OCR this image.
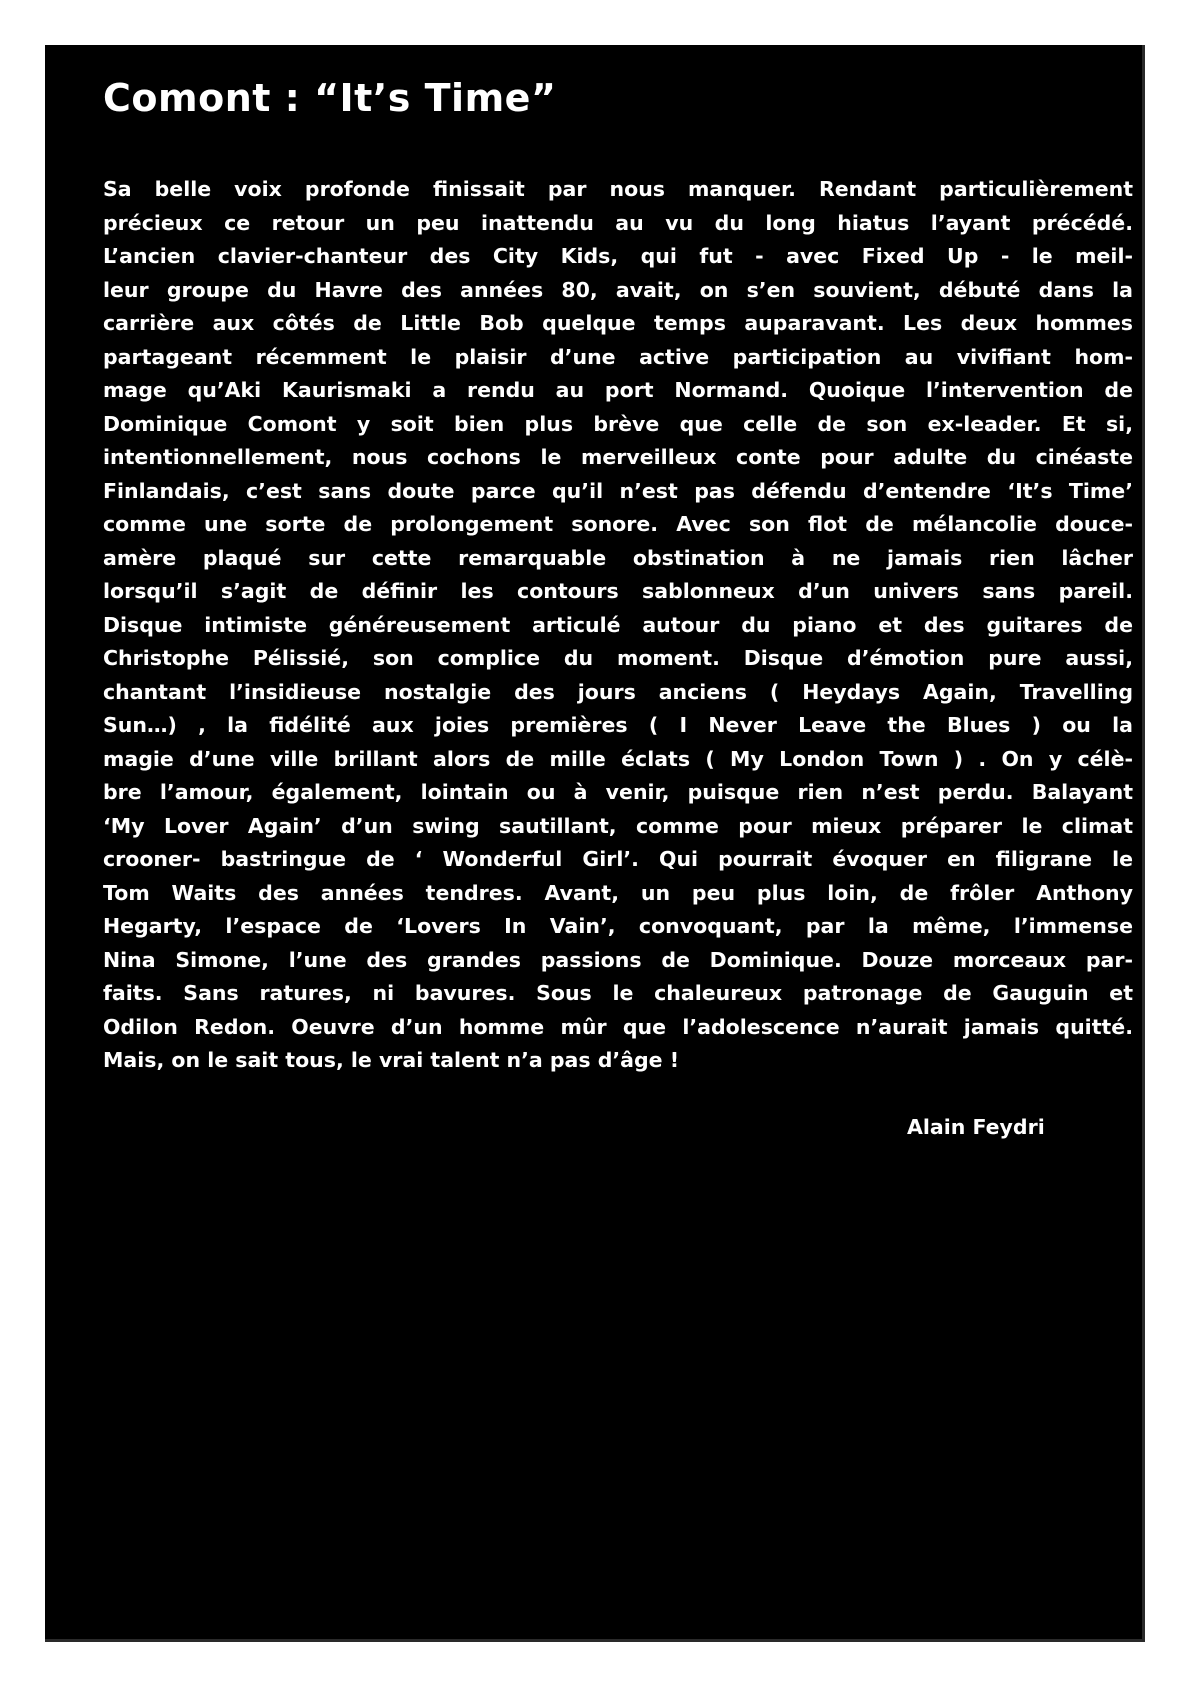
Comont : “It’s Time”
Sa belle voix profonde finissait par nous manquer. Rendant particulièrement
précieux ce retour un peu inattendu au vu du long hiatus l’ayant précédé.
L’ancien clavier-chanteur des City Kids, qui fut - avec Fixed Up - le meil-
leur groupe du Havre des années 80, avait, on s’en souvient, débuté dans la
carrière aux côtés de Little Bob quelque temps auparavant. Les deux hommes
partageant récemment le plaisir d’une active participation au vivifiant hom-
mage qu’Aki Kaurismaki a rendu au port Normand. Quoique l’intervention de
Dominique Comont y soit bien plus brève que celle de son ex-leader. Et si,
intentionnellement, nous cochons le merveilleux conte pour adulte du cinéaste
Finlandais, c’est sans doute parce qu’il n’est pas défendu d’entendre ‘It’s Time’
comme une sorte de prolongement sonore. Avec son flot de mélancolie douce-
amère plaqué sur cette remarquable obstination à ne jamais rien lâcher
lorsqu’il s’agit de définir les contours sablonneux d’un univers sans pareil.
Disque intimiste généreusement articulé autour du piano et des guitares de
Christophe Pélissié, son complice du moment. Disque d’émotion pure aussi,
chantant l’insidieuse nostalgie des jours anciens ( Heydays Again, Travelling
Sun…) , la fidélité aux joies premières ( I Never Leave the Blues ) ou la
magie d’une ville brillant alors de mille éclats ( My London Town ) . On y célè-
bre l’amour, également, lointain ou à venir, puisque rien n’est perdu. Balayant
‘My Lover Again’ d’un swing sautillant, comme pour mieux préparer le climat
crooner- bastringue de ‘ Wonderful Girl’. Qui pourrait évoquer en filigrane le
Tom Waits des années tendres. Avant, un peu plus loin, de frôler Anthony
Hegarty, l’espace de ‘Lovers In Vain’, convoquant, par la même, l’immense
Nina Simone, l’une des grandes passions de Dominique. Douze morceaux par-
faits. Sans ratures, ni bavures. Sous le chaleureux patronage de Gauguin et
Odilon Redon. Oeuvre d’un homme mûr que l’adolescence n’aurait jamais quitté.
Mais, on le sait tous, le vrai talent n’a pas d’âge !

Alain Feydri
